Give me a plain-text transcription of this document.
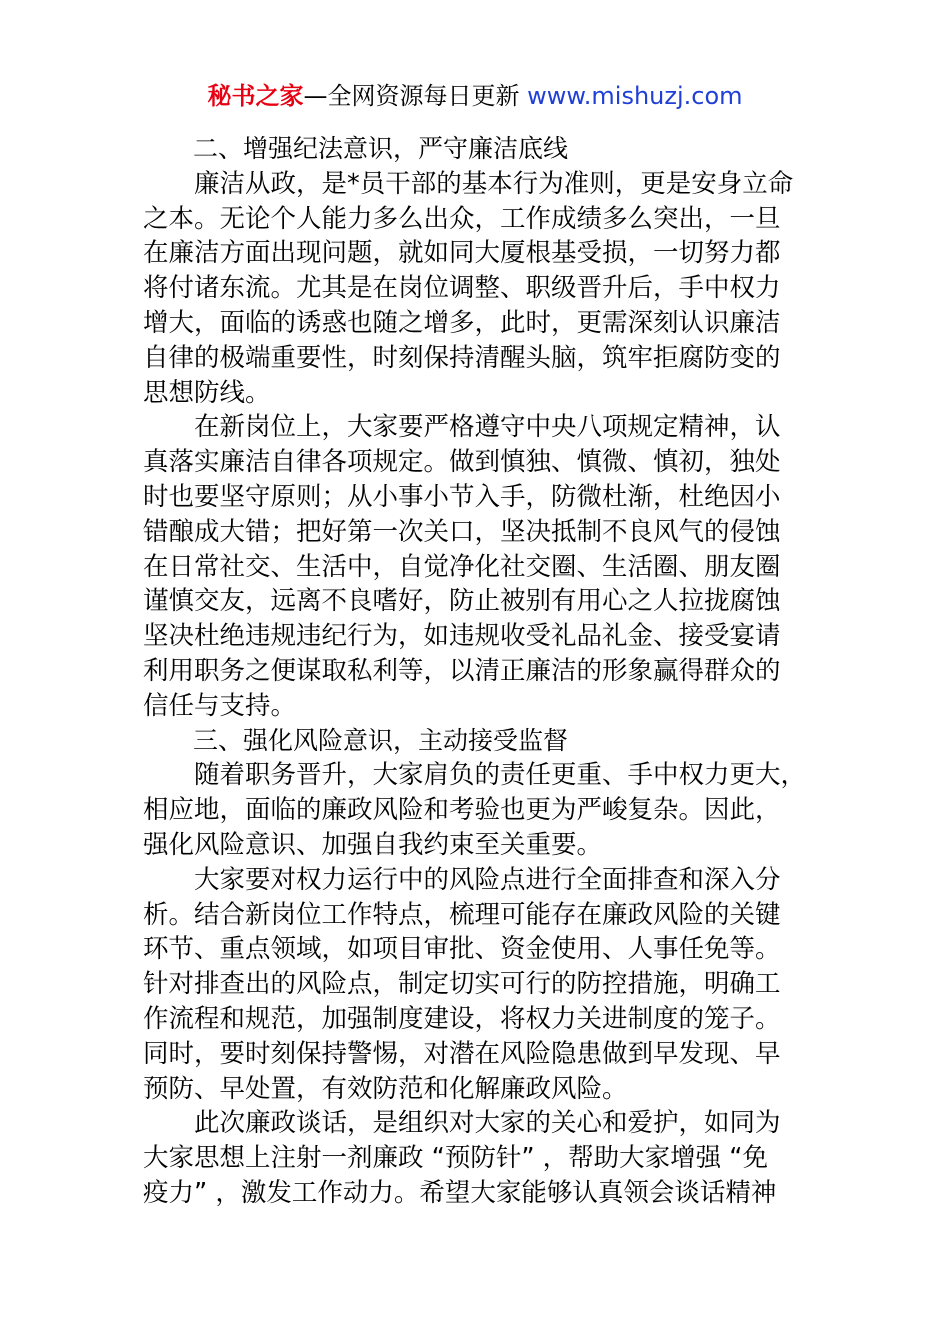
秘书之家—全网资源每日更新 www.mishuzj.com
　　二、增强纪法意识，严守廉洁底线
　　廉洁从政，是*员干部的基本行为准则，更是安身立命
之本。无论个人能力多么出众，工作成绩多么突出，一旦
在廉洁方面出现问题，就如同大厦根基受损，一切努力都
将付诸东流。尤其是在岗位调整、职级晋升后，手中权力
增大，面临的诱惑也随之增多，此时，更需深刻认识廉洁
自律的极端重要性，时刻保持清醒头脑，筑牢拒腐防变的
思想防线。
　　在新岗位上，大家要严格遵守中央八项规定精神，认
真落实廉洁自律各项规定。做到慎独、慎微、慎初，独处
时也要坚守原则；从小事小节入手，防微杜渐，杜绝因小
错酿成大错；把好第一次关口，坚决抵制不良风气的侵蚀
在日常社交、生活中，自觉净化社交圈、生活圈、朋友圈
谨慎交友，远离不良嗜好，防止被别有用心之人拉拢腐蚀
坚决杜绝违规违纪行为，如违规收受礼品礼金、接受宴请
利用职务之便谋取私利等，以清正廉洁的形象赢得群众的
信任与支持。
　　三、强化风险意识，主动接受监督
　　随着职务晋升，大家肩负的责任更重、手中权力更大，
相应地，面临的廉政风险和考验也更为严峻复杂。因此，
强化风险意识、加强自我约束至关重要。
　　大家要对权力运行中的风险点进行全面排查和深入分
析。结合新岗位工作特点，梳理可能存在廉政风险的关键
环节、重点领域，如项目审批、资金使用、人事任免等。
针对排查出的风险点，制定切实可行的防控措施，明确工
作流程和规范，加强制度建设，将权力关进制度的笼子。
同时，要时刻保持警惕，对潜在风险隐患做到早发现、早
预防、早处置，有效防范和化解廉政风险。
　　此次廉政谈话，是组织对大家的关心和爱护，如同为
大家思想上注射一剂廉政 “预防针” ，帮助大家增强 “免
疫力” ，激发工作动力。希望大家能够认真领会谈话精神
